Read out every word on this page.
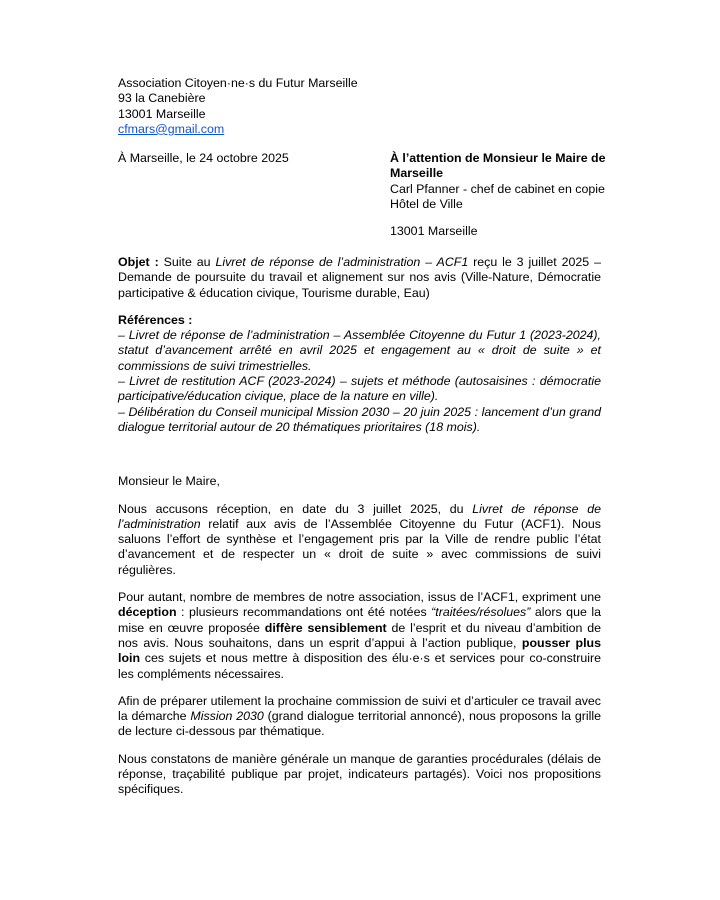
Association Citoyen·ne·s du Futur Marseille
93 la Canebière
13001 Marseille
cfmars@gmail.com
À Marseille, le 24 octobre 2025	À l’attention de Monsieur le Maire de
Marseille
Carl Pfanner - chef de cabinet en copie
Hôtel de Ville
13001 Marseille

Objet : Suite au Livret de réponse de l’administration – ACF1 reçu le 3 juillet 2025 – Demande de poursuite du travail et alignement sur nos avis (Ville-Nature, Démocratie participative & éducation civique, Tourisme durable, Eau)

Références :

– Livret de réponse de l’administration – Assemblée Citoyenne du Futur 1 (2023-2024), statut d’avancement arrêté en avril 2025 et engagement au « droit de suite » et commissions de suivi trimestrielles.

– Livret de restitution ACF (2023-2024) – sujets et méthode (autosaisines : démocratie participative/éducation civique, place de la nature en ville).

– Délibération du Conseil municipal Mission 2030 – 20 juin 2025 : lancement d’un grand dialogue territorial autour de 20 thématiques prioritaires (18 mois).

Monsieur le Maire,

Nous accusons réception, en date du 3 juillet 2025, du Livret de réponse de l’administration relatif aux avis de l’Assemblée Citoyenne du Futur (ACF1). Nous saluons l’effort de synthèse et l’engagement pris par la Ville de rendre public l’état d’avancement et de respecter un « droit de suite » avec commissions de suivi régulières.

Pour autant, nombre de membres de notre association, issus de l’ACF1, expriment une déception : plusieurs recommandations ont été notées “traitées/résolues” alors que la mise en œuvre proposée diffère sensiblement de l’esprit et du niveau d’ambition de nos avis. Nous souhaitons, dans un esprit d’appui à l’action publique, pousser plus loin ces sujets et nous mettre à disposition des élu·e·s et services pour co-construire les compléments nécessaires.

Afin de préparer utilement la prochaine commission de suivi et d’articuler ce travail avec la démarche Mission 2030 (grand dialogue territorial annoncé), nous proposons la grille de lecture ci-dessous par thématique.

Nous constatons de manière générale un manque de garanties procédurales (délais de réponse, traçabilité publique par projet, indicateurs partagés). Voici nos propositions spécifiques.
